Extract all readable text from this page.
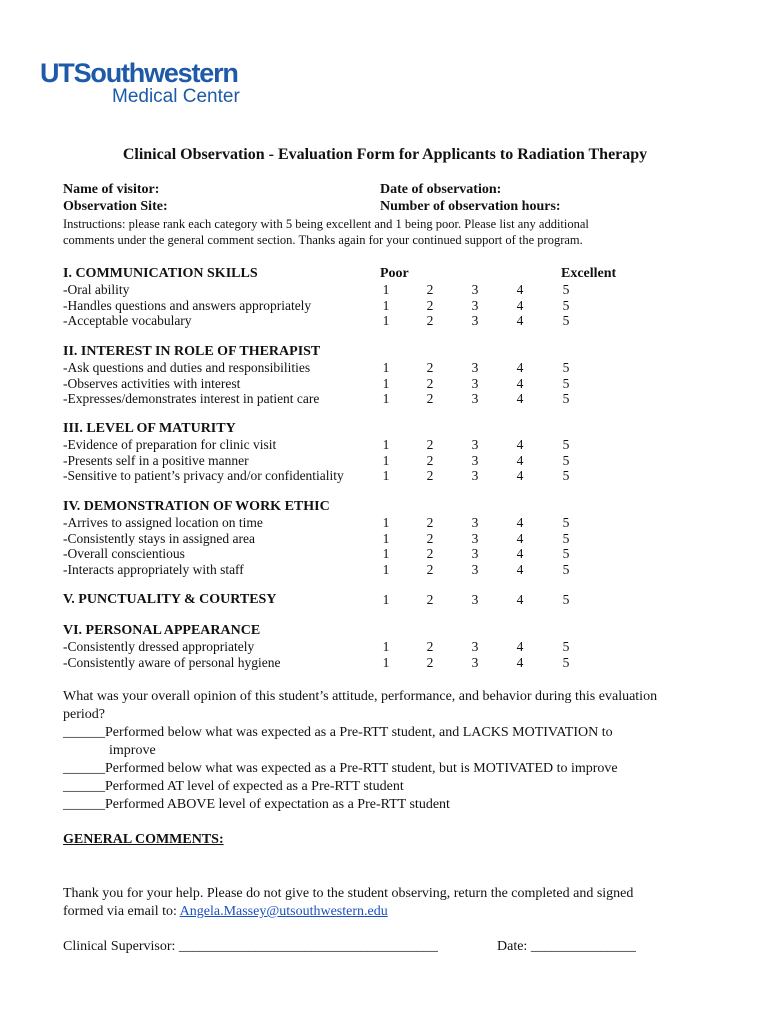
UTSouthwestern
Medical Center
Clinical Observation - Evaluation Form for Applicants to Radiation Therapy
Name of visitor:	Date of observation:
Observation Site:	Number of observation hours:
Instructions: please rank each category with 5 being excellent and 1 being poor. Please list any additional
comments under the general comment section. Thanks again for your continued support of the program.
Poor	Excellent
I. COMMUNICATION SKILLS
-Oral ability	1	2	3	4	5
-Handles questions and answers appropriately	1	2	3	4	5
-Acceptable vocabulary	1	2	3	4	5
II. INTEREST IN ROLE OF THERAPIST
-Ask questions and duties and responsibilities	1	2	3	4	5
-Observes activities with interest	1	2	3	4	5
-Expresses/demonstrates interest in patient care	1	2	3	4	5
III. LEVEL OF MATURITY
-Evidence of preparation for clinic visit	1	2	3	4	5
-Presents self in a positive manner	1	2	3	4	5
-Sensitive to patient’s privacy and/or confidentiality	1	2	3	4	5
IV. DEMONSTRATION OF WORK ETHIC
-Arrives to assigned location on time	1	2	3	4	5
-Consistently stays in assigned area	1	2	3	4	5
-Overall conscientious	1	2	3	4	5
-Interacts appropriately with staff	1	2	3	4	5
V. PUNCTUALITY & COURTESY	1	2	3	4	5
VI. PERSONAL APPEARANCE
-Consistently dressed appropriately	1	2	3	4	5
-Consistently aware of personal hygiene	1	2	3	4	5
What was your overall opinion of this student’s attitude, performance, and behavior during this evaluation
period?
______Performed below what was expected as a Pre-RTT student, and LACKS MOTIVATION to
improve
______Performed below what was expected as a Pre-RTT student, but is MOTIVATED to improve
______Performed AT level of expected as a Pre-RTT student
______Performed ABOVE level of expectation as a Pre-RTT student
GENERAL COMMENTS:
Thank you for your help. Please do not give to the student observing, return the completed and signed
formed via email to: Angela.Massey@utsouthwestern.edu
Clinical Supervisor: _____________________________________	Date: _______________
